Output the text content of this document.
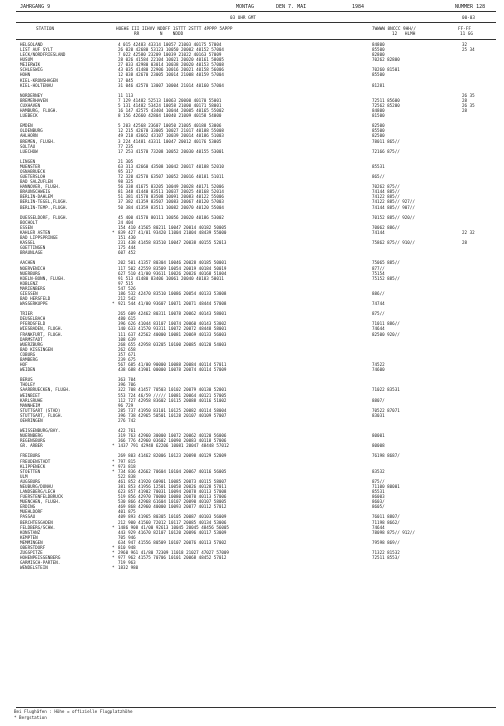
JAHRGANG 9	MONTAG	DEN 7. MAI	1984	NUMMER 128
03 UHR GMT	00-03
STATION	HOEHE III IIHVV NDDFF 1STTT 2STTT 4PPPP 5APPP
RR        N    NDDD
7WWWW 8NCCC 9HH//
12   HLMH
FF-FF
11 GG
HELGOLAND	4 015 42483 43314 10057 21003 40175 57004	84800	32
LIST AUF SYLT	26 020 42680 53123 10050 20002 40152 57004	85500	25 34
LECK/NORDFRIESLAND	7 022 42580 23209 10039 21022 40163 57009	82800
HUSUM	28 026 41584 22104 10021 20020 40161 58005	70262 82800
MEIERWIK	27 033 42980 03014 10038 20020 40153 57008
SCHLESWIG	43 035 41480 22906 10016 20021 40158 56006	70260 81501
HOHN	12 038 42670 23005 10014 21008 40159 57004	85500
KIEL-KRONSHAGEN	17 045
KIEL-HOLTENAU	31 046 42570 13007 10004 21014 40160 57004	81281
NORDERNEY	11 113	26 35
BREMERHAVEN	7 129 41482 52513 10063 20000 40170 55001	72511 85600	28
CUXHAVEN	5 131 41482 53424 10058 21000 40171 58001	72562 85200	26 35
HAMBURG, FLUGH.	16 147 42575 43404 10044 20005 40165 55002	84800	28
LUEBECK	8 156 42660 42804 10040 21009 40158 54000	81500
EMDEN	5 203 42568 23607 10050 21005 40188 53006	82500
OLDENBURG	12 215 42670 33005 10027 21017 40188 55008	85500
AHLHORN	49 218 43662 43107 10039 20014 40186 51003	82500
BREMEN, FLUGH.	3 224 41481 43311 10047 20012 40176 53005	78011 865//
SOLTAU	77 235
LUECHOW	17 253 41570 73208 10052 20030 40155 53001	72166 875//
LINGEN	21 305
MUENSTER	63 313 42660 43508 10042 20017 40188 52010	85531
OSNABRUECK	95 317
GUETERSLOH	72 320 42570 63507 10052 20016 40181 51011	865//
BAD SALZUFLEN	98 325
HANNOVER, FLUGH.	56 338 41675 83205 10049 20028 40171 52006	70262 875//
BRAUNSCHWEIG	81 348 41440 83511 10037 20025 40168 52014	74144 885//
BERLIN-DAHLEM	51 381 41570 83508 10091 20083 40122 55006	74122 885//
BERLIN-TEGEL,FLUGH.	37 382 41359 83507 10083 20067 40120 57003	74122 885// 927//
BERLIN-TEMP.,FLUGH.	50 384 41359 83511 10082 20070 40120 55004	74144 885// 907//
DUESSELDORF, FLUGH.	45 400 41570 80111 10056 20020 40186 53002	70152 885// 920//
BOCHOLT	24 404
ESSEN	154 410 41565 80211 10047 20014 40182 50005	70062 886//
KAHLER ASTEN	* 839 427 41/01 93420 11004 21004 48439 55000	74144	22 32
BAD LIPPSPRINGE	151 430
KASSEL	231 438 41458 83510 10047 20038 40155 52013	75862 875// 910//	28
GOETTINGEN	175 444
BRAUNLAGE	607 452
AACHEN	202 501 41357 80304 10046 20028 40185 50001	75065 885//
NOERVENICH	117 502 42559 83509 10054 20019 40184 50019	877//
NUERBURG	627 510 41/00 93611 10026 20026 40168 51004	75154
KOELN-BONN, FLUGH.	91 513 41480 83406 10061 20040 40183 50011	75152 885//
KOBLENZ	97 515
MARIENBERG	547 526
GIESSEN	186 532 42470 83510 10086 20054 40133 53008	886//
BAD HERSFELD	212 542
WASSERKUPPE	* 921 544 41/00 93607 10071 20071 48444 57008	74744
TRIER	265 609 42462 80311 10078 20062 40143 58001	875//
DEUSELBACH	480 615
PFERDSFELD	396 626 41044 83107 10074 20060 40143 53002	71011 886//
WIESBADEN, FLUGH.	140 633 41570 93311 10072 20072 48448 58001	74644
FRANKFURT, FLUGH.	111 637 42562 40000 10081 20069 40133 56003	82500 920//
DARMSTADT	108 639
WUERZBURG	268 655 42958 03205 10100 20085 40120 54003
BAD KISSINGEN	262 658
COBURG	357 671
BAMBERG	239 675
HOF	567 685 41/00 90000 10088 20084 40114 57011	74522
WEIDEN	438 688 41901 00000 10078 20074 40114 57009	74600
BERUS	363 704
THOLEY	396 706
SAARBRUECKEN, FLUGH.	322 708 41457 70503 10102 20079 40130 52001	71022 83531
WEINBIET	553 724 46/59 ///// 10081 20064 40121 57005
KARLSRUHE	112 727 42958 83602 10115 20088 40116 51002	8807/
MANNHEIM	96 729
STUTTGART (STAD)	285 737 41950 83101 10125 20082 40114 58004	70522 87071
STUTTGART, FLUGH.	396 738 42965 50501 10128 20107 40109 57007	83031
OEHRINGEN	276 742
WEISSENBURG/BAY.	422 761
NUERNBERG	319 763 42960 30000 10072 20062 40120 56006	80001
REGENSBURG	366 776 42960 03602 10090 20083 40118 57006
GR. ARBER	* 1437 791 42948 62206 10081 20047 48448 57012	80008
FREIBURG	269 803 41462 82006 10123 20098 40129 52009	76198 8687/
FREUDENSTADT	* 797 815
KLIPPENECK	* 973 818
STOETTEN	* 734 836 42662 70604 10104 20067 40116 56005	83532
ULM	522 838
AUGSBURG	461 852 41920 60901 10085 20073 40115 58007	875//
NEUBURG/DONAU	381 853 41956 12501 10058 20026 40128 57011	71100 80001
LANDSBERG/LECH	623 857 41902 70031 10094 20078 40113 57008	85531
FUERSTENFELDBRUCK	519 856 42970 70000 10080 20070 40113 57006	86003
MUENCHEN, FLUGH.	530 866 42968 61604 10107 20090 40107 58005	8603/
ERDING	469 868 42960 40000 10093 20077 40112 57012	8605/
MUEHLDORF	401 875
PASSAU	409 893 41965 80305 10105 20087 40103 56009	76011 8807/
BERCHTESGADEN	212 900 41560 72012 10117 20085 40134 53006	71198 8662/
FELDBERG/SCHW.	* 1486 908 41/00 92613 10045 20045 48456 56005	74644
KONSTANZ	443 929 41670 82107 10120 20096 40117 53009	78098 875// 912//
KEMPTEN	705 946
MEMMINGEN	634 947 41556 80509 10107 20076 40113 57002	79598 869//
OBERSTDORF	* 810 948
ZUGSPITZE	* 2960 961 41/80 72309 11018 21027 47027 57009	71322 81532
HOHENPEISSENBERG	* 977 962 41575 70706 10101 20068 48452 57012	72511 8553/
GARMISCH-PARTEN.	719 963
WENDELSTEIN	* 1832 980
Bei Flughäfen : Höhe = offizielle Flugplatzhöhe
* Bergstation
